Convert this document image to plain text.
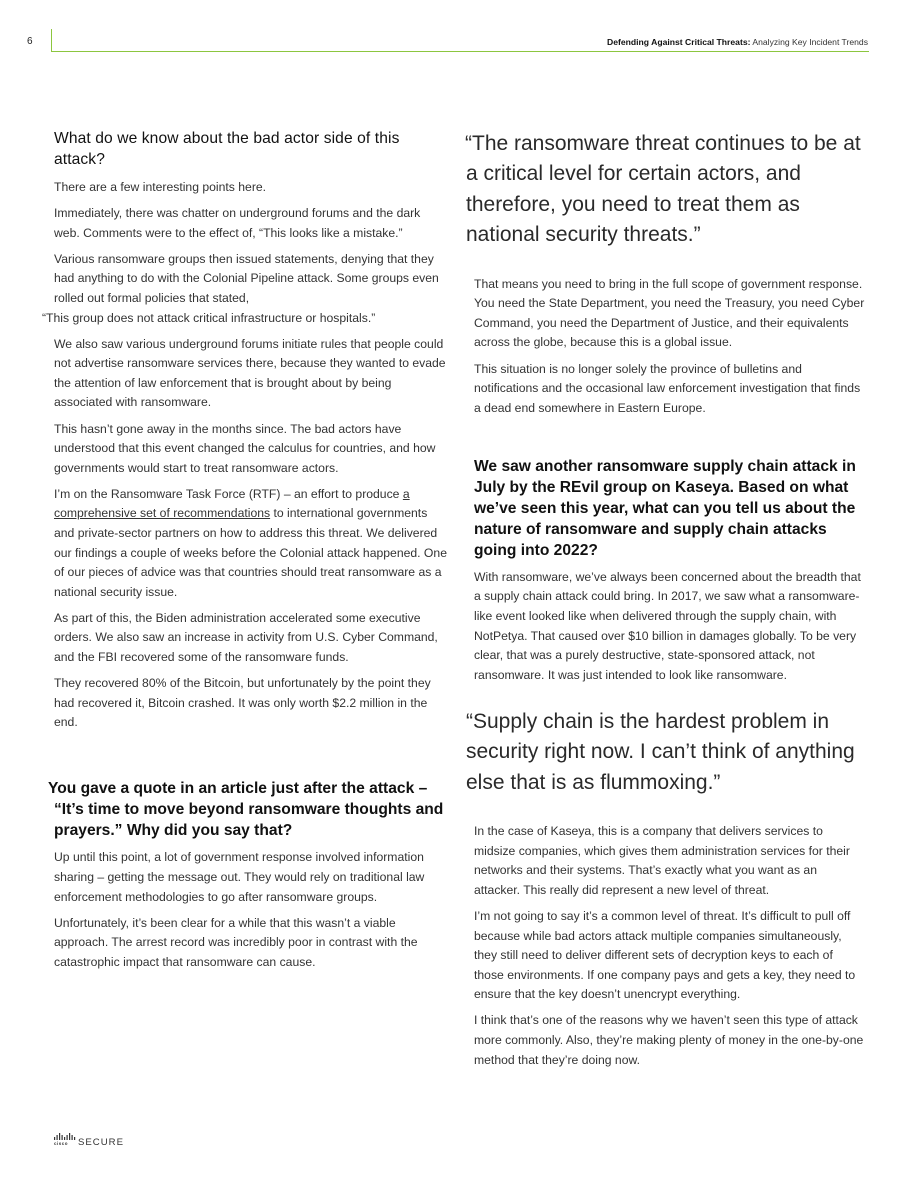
6	Defending Against Critical Threats: Analyzing Key Incident Trends
What do we know about the bad actor side of this attack?

There are a few interesting points here.

Immediately, there was chatter on underground forums and the dark web. Comments were to the effect of, “This looks like a mistake.”

Various ransomware groups then issued statements, denying that they had anything to do with the Colonial Pipeline attack. Some groups even rolled out formal policies that stated,
“This group does not attack critical infrastructure or hospitals.”

We also saw various underground forums initiate rules that people could not advertise ransomware services there, because they wanted to evade the attention of law enforcement that is brought about by being associated with ransomware.

This hasn’t gone away in the months since. The bad actors have understood that this event changed the calculus for countries, and how governments would start to treat ransomware actors.

I’m on the Ransomware Task Force (RTF) – an effort to produce a comprehensive set of recommendations to international governments and private-sector partners on how to address this threat. We delivered our findings a couple of weeks before the Colonial attack happened. One of our pieces of advice was that countries should treat ransomware as a national security issue.

As part of this, the Biden administration accelerated some executive orders. We also saw an increase in activity from U.S. Cyber Command, and the FBI recovered some of the ransomware funds.

They recovered 80% of the Bitcoin, but unfortunately by the point they had recovered it, Bitcoin crashed. It was only worth $2.2 million in the end.

You gave a quote in an article just after the attack – “It’s time to move beyond ransomware thoughts and prayers.” Why did you say that?

Up until this point, a lot of government response involved information sharing – getting the message out. They would rely on traditional law enforcement methodologies to go after ransomware groups.

Unfortunately, it’s been clear for a while that this wasn’t a viable approach. The arrest record was incredibly poor in contrast with the catastrophic impact that ransomware can cause.

“The ransomware threat continues to be at a critical level for certain actors, and therefore, you need to treat them as national security threats.”

That means you need to bring in the full scope of government response. You need the State Department, you need the Treasury, you need Cyber Command, you need the Department of Justice, and their equivalents across the globe, because this is a global issue.

This situation is no longer solely the province of bulletins and notifications and the occasional law enforcement investigation that finds a dead end somewhere in Eastern Europe.

We saw another ransomware supply chain attack in July by the REvil group on Kaseya. Based on what we’ve seen this year, what can you tell us about the nature of ransomware and supply chain attacks going into 2022?

With ransomware, we’ve always been concerned about the breadth that a supply chain attack could bring. In 2017, we saw what a ransomware-like event looked like when delivered through the supply chain, with NotPetya. That caused over $10 billion in damages globally. To be very clear, that was a purely destructive, state-sponsored attack, not ransomware. It was just intended to look like ransomware.

“Supply chain is the hardest problem in security right now. I can’t think of anything else that is as flummoxing.”

In the case of Kaseya, this is a company that delivers services to midsize companies, which gives them administration services for their networks and their systems. That’s exactly what you want as an attacker. This really did represent a new level of threat.

I’m not going to say it’s a common level of threat. It’s difficult to pull off because while bad actors attack multiple companies simultaneously, they still need to deliver different sets of decryption keys to each of those environments. If one company pays and gets a key, they need to ensure that the key doesn’t unencrypt everything.

I think that’s one of the reasons why we haven’t seen this type of attack more commonly. Also, they’re making plenty of money in the one-by-one method that they’re doing now.

cisco SECURE
